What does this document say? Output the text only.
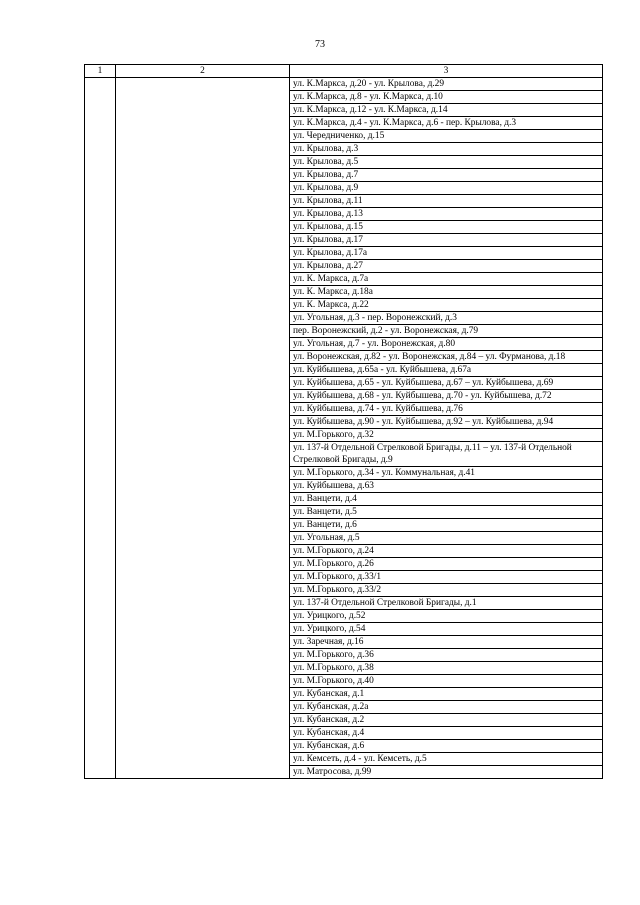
73
1	2	3
		ул. К.Маркса, д.20 - ул. Крылова, д.29
		ул. К.Маркса, д.8 - ул. К.Маркса, д.10
		ул. К.Маркса, д.12 - ул. К.Маркса, д.14
		ул. К.Маркса, д.4 - ул. К.Маркса, д.6 - пер. Крылова, д.3
		ул. Чередниченко, д.15
		ул. Крылова, д.3
		ул. Крылова, д.5
		ул. Крылова, д.7
		ул. Крылова, д.9
		ул. Крылова, д.11
		ул. Крылова, д.13
		ул. Крылова, д.15
		ул. Крылова, д.17
		ул. Крылова, д.17а
		ул. Крылова, д.27
		ул. К. Маркса, д.7а
		ул. К. Маркса, д.18а
		ул. К. Маркса, д.22
		ул. Угольная, д.3 - пер. Воронежский, д.3
		пер. Воронежский, д.2 - ул. Воронежская, д.79
		ул. Угольная, д.7 - ул. Воронежская, д.80
		ул. Воронежская, д.82 - ул. Воронежская, д.84 – ул. Фурманова, д.18
		ул. Куйбышева, д.65а - ул. Куйбышева, д.67а
		ул. Куйбышева, д.65 - ул. Куйбышева, д.67 – ул. Куйбышева, д.69
		ул. Куйбышева, д.68 - ул. Куйбышева, д.70 - ул. Куйбышева, д.72
		ул. Куйбышева, д.74 - ул. Куйбышева, д.76
		ул. Куйбышева, д.90 - ул. Куйбышева, д.92 – ул. Куйбышева, д.94
		ул. М.Горького, д.32
		ул. 137-й Отдельной Стрелковой Бригады, д.11 – ул. 137-й Отдельной Стрелковой Бригады, д.9
		ул. М.Горького, д.34 - ул. Коммунальная, д.41
		ул. Куйбышева, д.63
		ул. Ванцети, д.4
		ул. Ванцети, д.5
		ул. Ванцети, д.6
		ул. Угольная, д.5
		ул. М.Горького, д.24
		ул. М.Горького, д.26
		ул. М.Горького, д.33/1
		ул. М.Горького, д.33/2
		ул. 137-й Отдельной Стрелковой Бригады, д.1
		ул. Урицкого, д.52
		ул. Урицкого, д.54
		ул. Заречная, д.16
		ул. М.Горького, д.36
		ул. М.Горького, д.38
		ул. М.Горького, д.40
		ул. Кубанская, д.1
		ул. Кубанская, д.2а
		ул. Кубанская, д.2
		ул. Кубанская, д.4
		ул. Кубанская, д.6
		ул. Кемсеть, д.4 - ул. Кемсеть, д.5
		ул. Матросова, д.99
